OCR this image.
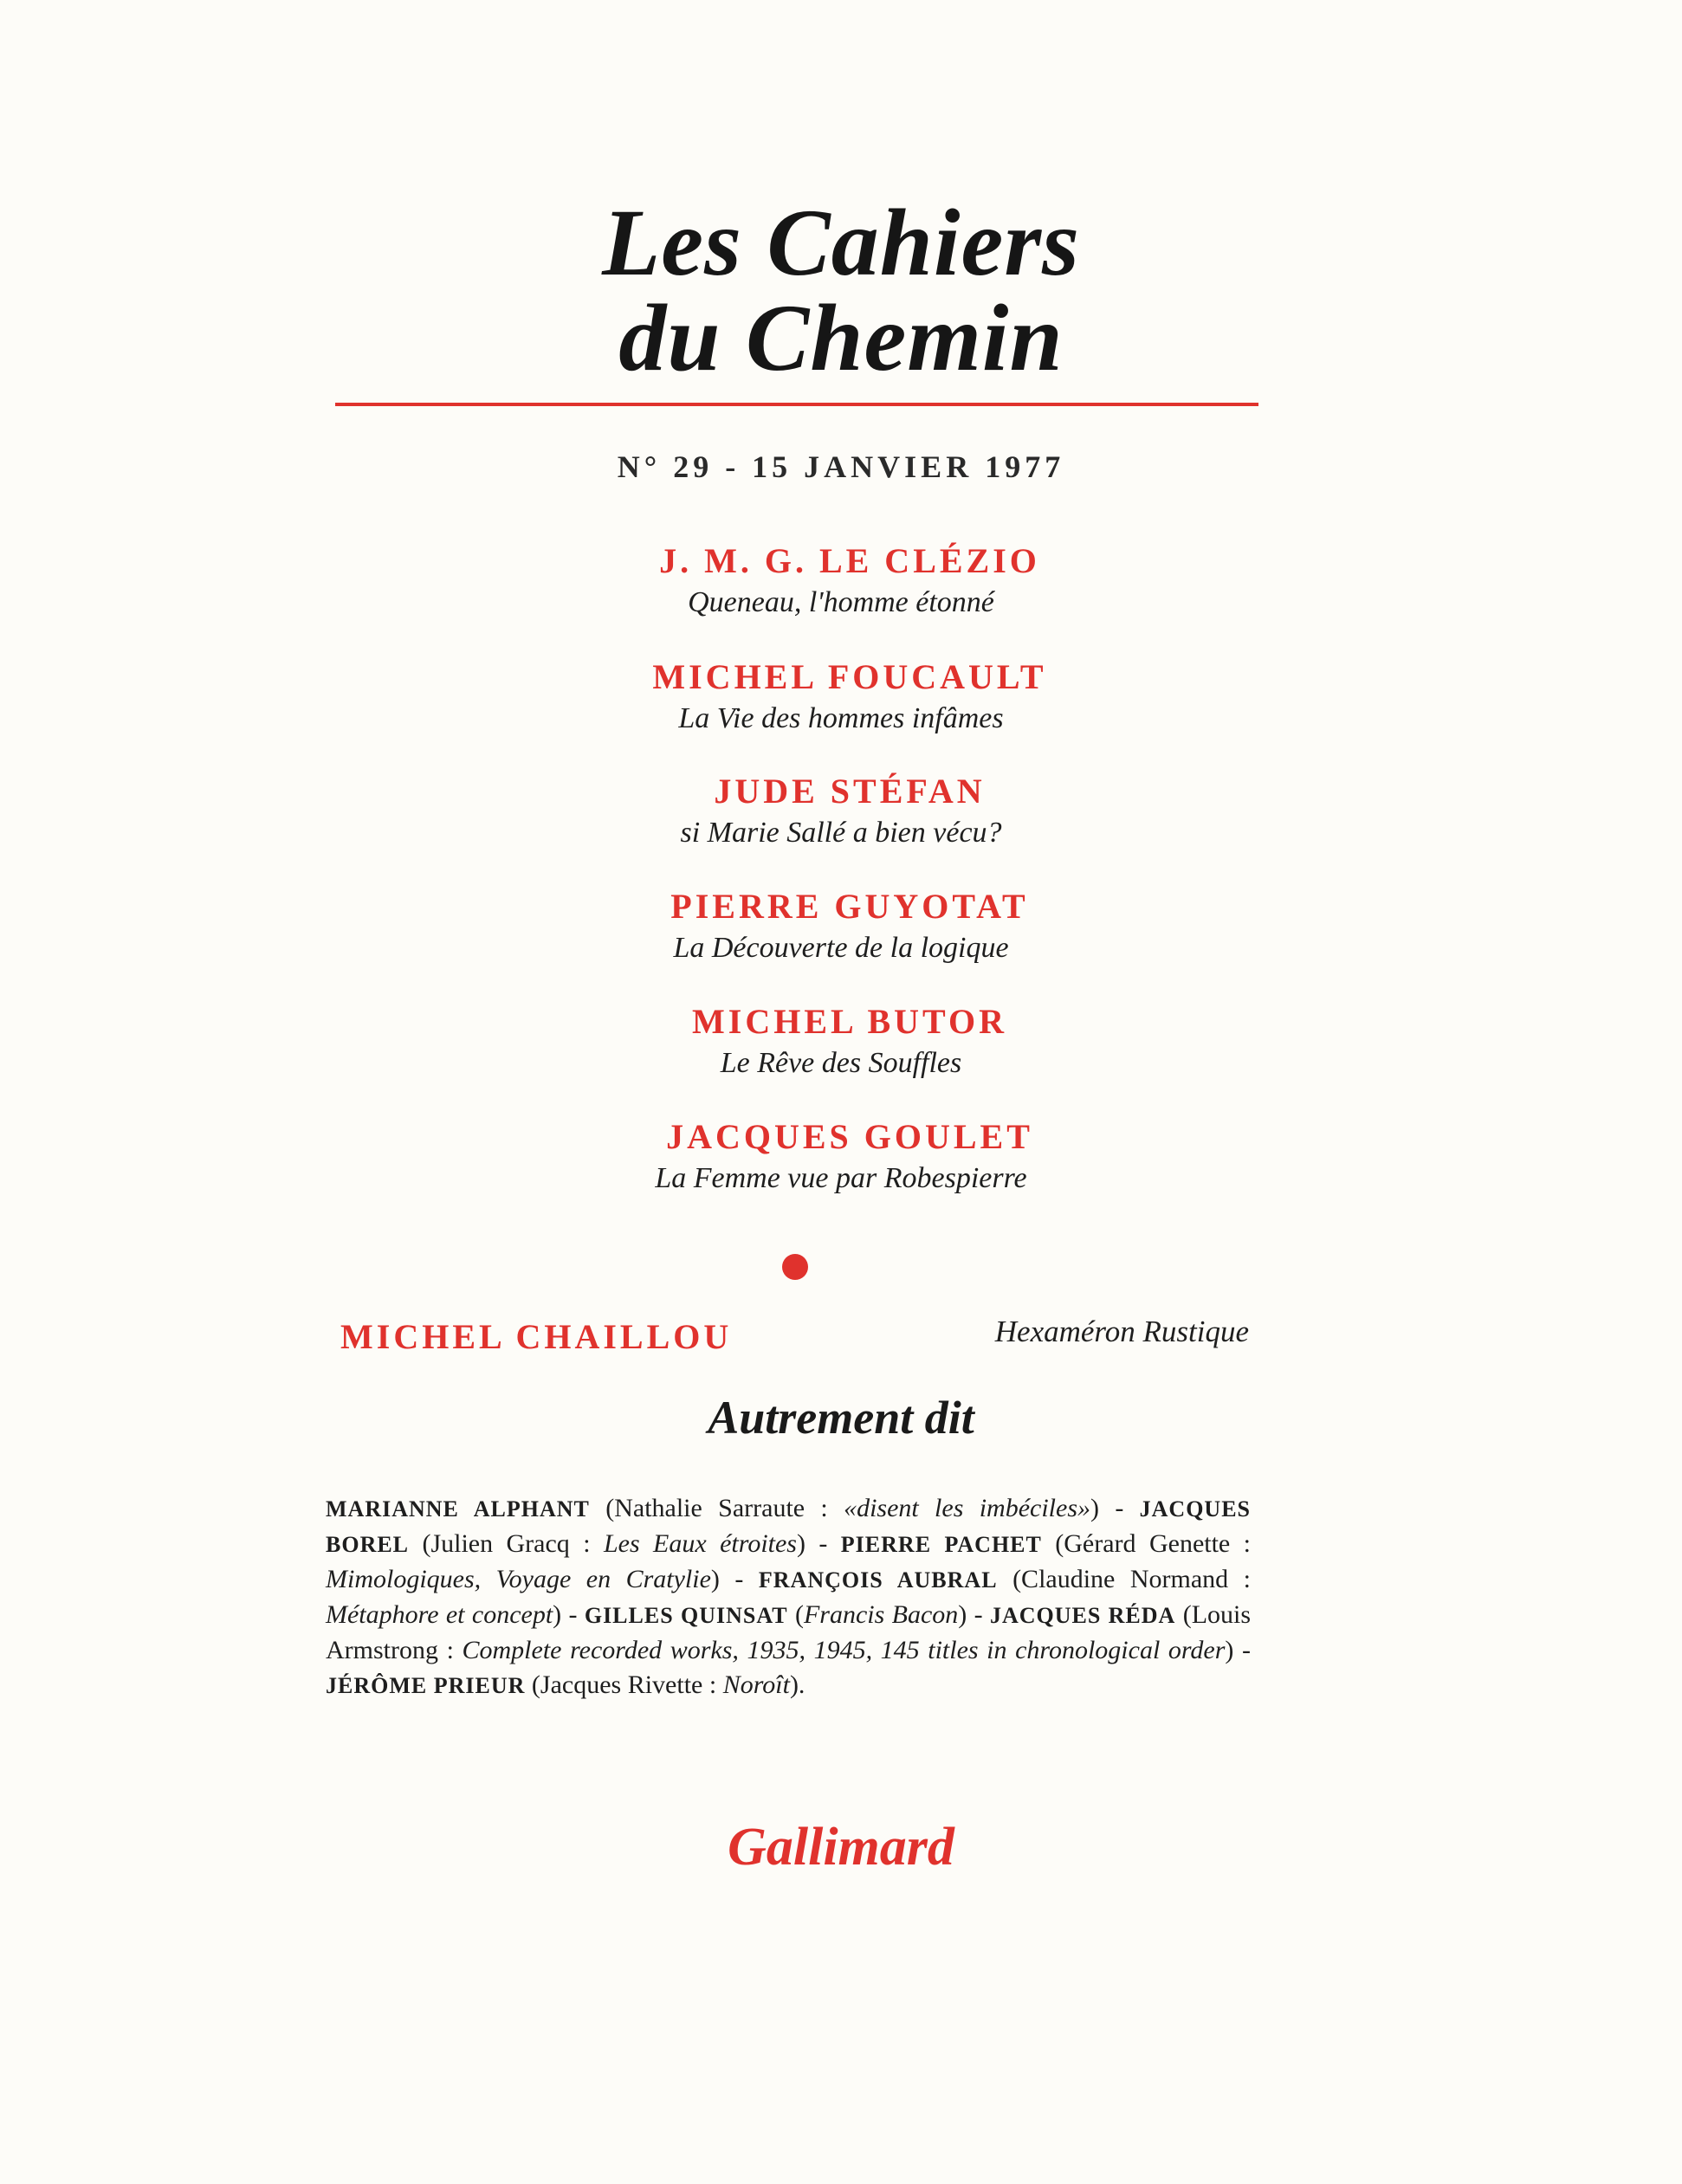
Les Cahiers
du Chemin
N° 29 - 15 JANVIER 1977
J. M. G. LE CLÉZIO
Queneau, l'homme étonné
MICHEL FOUCAULT
La Vie des hommes infâmes
JUDE STÉFAN
si Marie Sallé a bien vécu?
PIERRE GUYOTAT
La Découverte de la logique
MICHEL BUTOR
Le Rêve des Souffles
JACQUES GOULET
La Femme vue par Robespierre
MICHEL CHAILLOU	Hexaméron Rustique
Autrement dit
MARIANNE ALPHANT (Nathalie Sarraute : «disent les imbéciles») - JACQUES BOREL (Julien Gracq : Les Eaux étroites) - PIERRE PACHET (Gérard Genette : Mimologiques, Voyage en Cratylie) - FRANÇOIS AUBRAL (Claudine Normand : Métaphore et concept) - GILLES QUINSAT (Francis Bacon) - JACQUES RÉDA (Louis Armstrong : Complete recorded works, 1935, 1945, 145 titles in chronological order) - JÉRÔME PRIEUR (Jacques Rivette : Noroît).
Gallimard
